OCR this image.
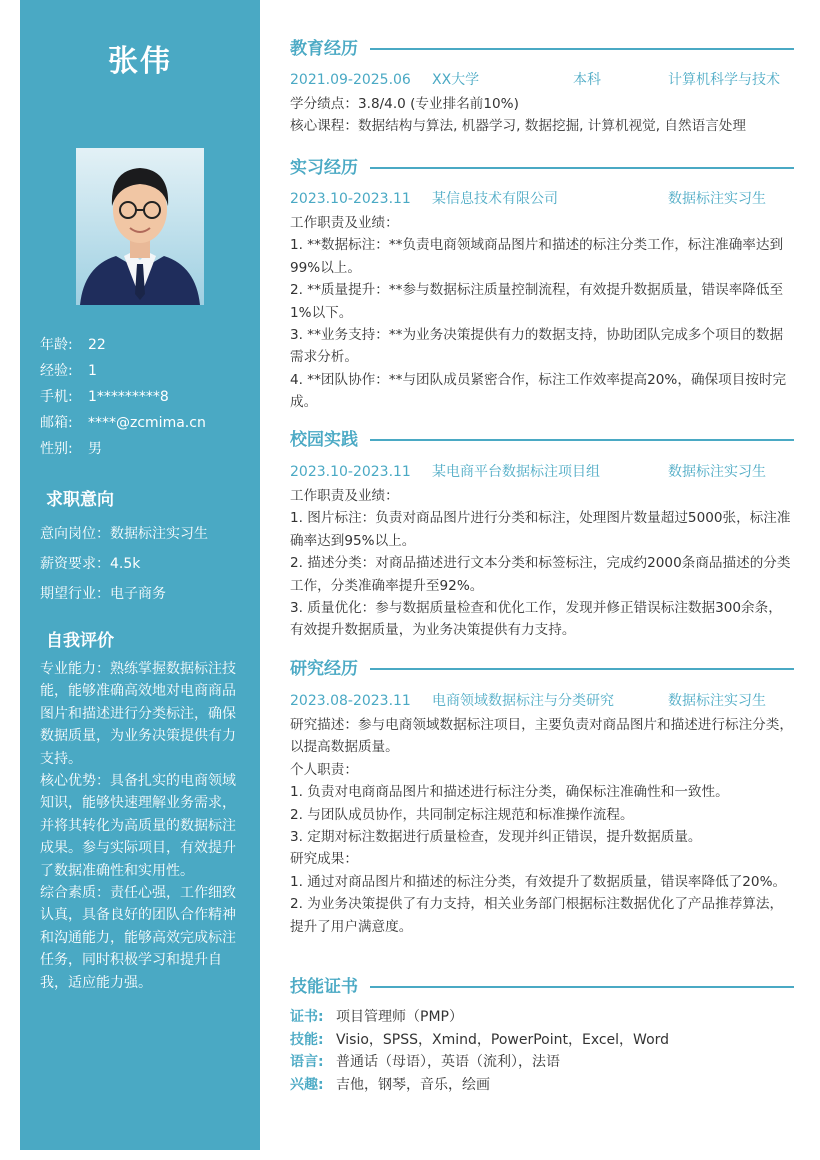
张伟
年龄:	22
经验:	1
手机:	1*********8
邮箱:	****@zcmima.cn
性别:	男
求职意向
意向岗位：数据标注实习生
薪资要求：4.5k
期望行业：电子商务
自我评价

专业能力：熟练掌握数据标注技能，能够准确高效地对电商商品图片和描述进行分类标注，确保数据质量，为业务决策提供有力支持。

核心优势：具备扎实的电商领域知识，能够快速理解业务需求，并将其转化为高质量的数据标注成果。参与实际项目，有效提升了数据准确性和实用性。

综合素质：责任心强，工作细致认真，具备良好的团队合作精神和沟通能力，能够高效完成标注任务，同时积极学习和提升自我，适应能力强。

教育经历
2021.09-2025.06 XX大学	本科	计算机科学与技术

学分绩点：3.8/4.0 (专业排名前10%)

核心课程：数据结构与算法, 机器学习, 数据挖掘, 计算机视觉, 自然语言处理

实习经历
2023.10-2023.11 某信息技术有限公司	数据标注实习生

工作职责及业绩：

1. **数据标注：**负责电商领域商品图片和描述的标注分类工作，标注准确率达到99%以上。

2. **质量提升：**参与数据标注质量控制流程，有效提升数据质量，错误率降低至1%以下。

3. **业务支持：**为业务决策提供有力的数据支持，协助团队完成多个项目的数据需求分析。

4. **团队协作：**与团队成员紧密合作，标注工作效率提高20%，确保项目按时完成。

校园实践
2023.10-2023.11 某电商平台数据标注项目组	数据标注实习生

工作职责及业绩：

1. 图片标注：负责对商品图片进行分类和标注，处理图片数量超过5000张，标注准确率达到95%以上。

2. 描述分类：对商品描述进行文本分类和标签标注，完成约2000条商品描述的分类工作，分类准确率提升至92%。

3. 质量优化：参与数据质量检查和优化工作，发现并修正错误标注数据300余条，有效提升数据质量，为业务决策提供有力支持。

研究经历
2023.08-2023.11 电商领域数据标注与分类研究	数据标注实习生

研究描述：参与电商领域数据标注项目，主要负责对商品图片和描述进行标注分类，以提高数据质量。

个人职责：

1. 负责对电商商品图片和描述进行标注分类，确保标注准确性和一致性。

2. 与团队成员协作，共同制定标注规范和标准操作流程。

3. 定期对标注数据进行质量检查，发现并纠正错误，提升数据质量。

研究成果：

1. 通过对商品图片和描述的标注分类，有效提升了数据质量，错误率降低了20%。

2. 为业务决策提供了有力支持，相关业务部门根据标注数据优化了产品推荐算法，提升了用户满意度。

技能证书
证书: 项目管理师（PMP）
技能: Visio，SPSS，Xmind，PowerPoint，Excel，Word
语言: 普通话（母语），英语（流利），法语
兴趣: 吉他，钢琴，音乐，绘画
